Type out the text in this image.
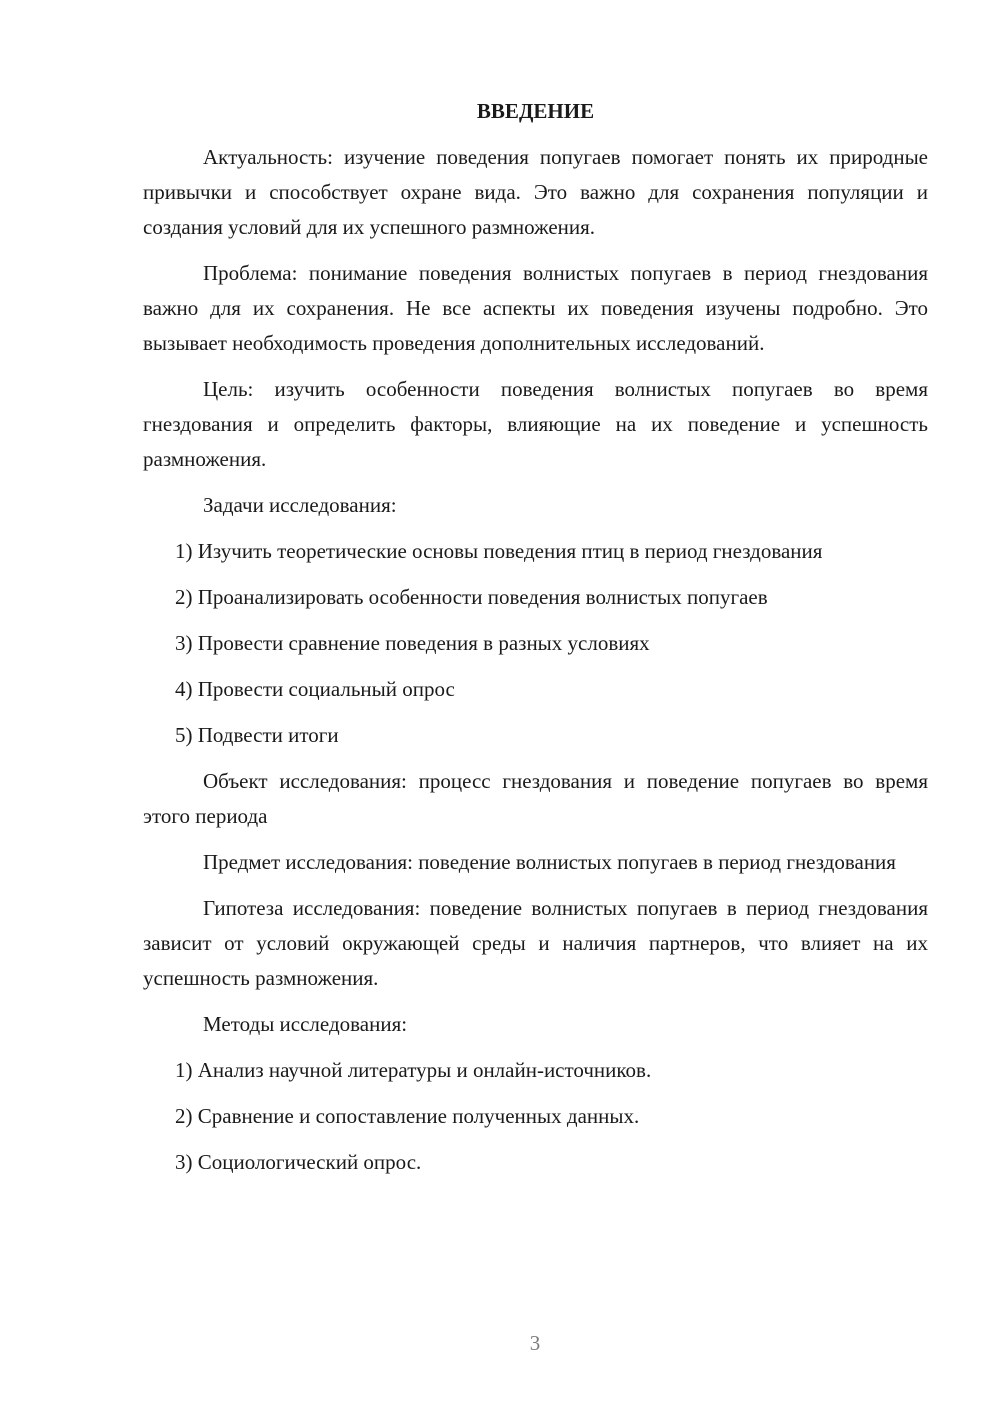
ВВЕДЕНИЕ

Актуальность: изучение поведения попугаев помогает понять их природные привычки и способствует охране вида. Это важно для сохранения популяции и создания условий для их успешного размножения.

Проблема: понимание поведения волнистых попугаев в период гнездования важно для их сохранения. Не все аспекты их поведения изучены подробно. Это вызывает необходимость проведения дополнительных исследований.

Цель: изучить особенности поведения волнистых попугаев во время гнездования и определить факторы, влияющие на их поведение и успешность размножения.

Задачи исследования:

1) Изучить теоретические основы поведения птиц в период гнездования

2) Проанализировать особенности поведения волнистых попугаев

3) Провести сравнение поведения в разных условиях

4) Провести социальный опрос

5) Подвести итоги

Объект исследования: процесс гнездования и поведение попугаев во время этого периода

Предмет исследования: поведение волнистых попугаев в период гнездования

Гипотеза исследования: поведение волнистых попугаев в период гнездования зависит от условий окружающей среды и наличия партнеров, что влияет на их успешность размножения.

Методы исследования:

1) Анализ научной литературы и онлайн-источников.

2) Сравнение и сопоставление полученных данных.

3) Социологический опрос.

3
